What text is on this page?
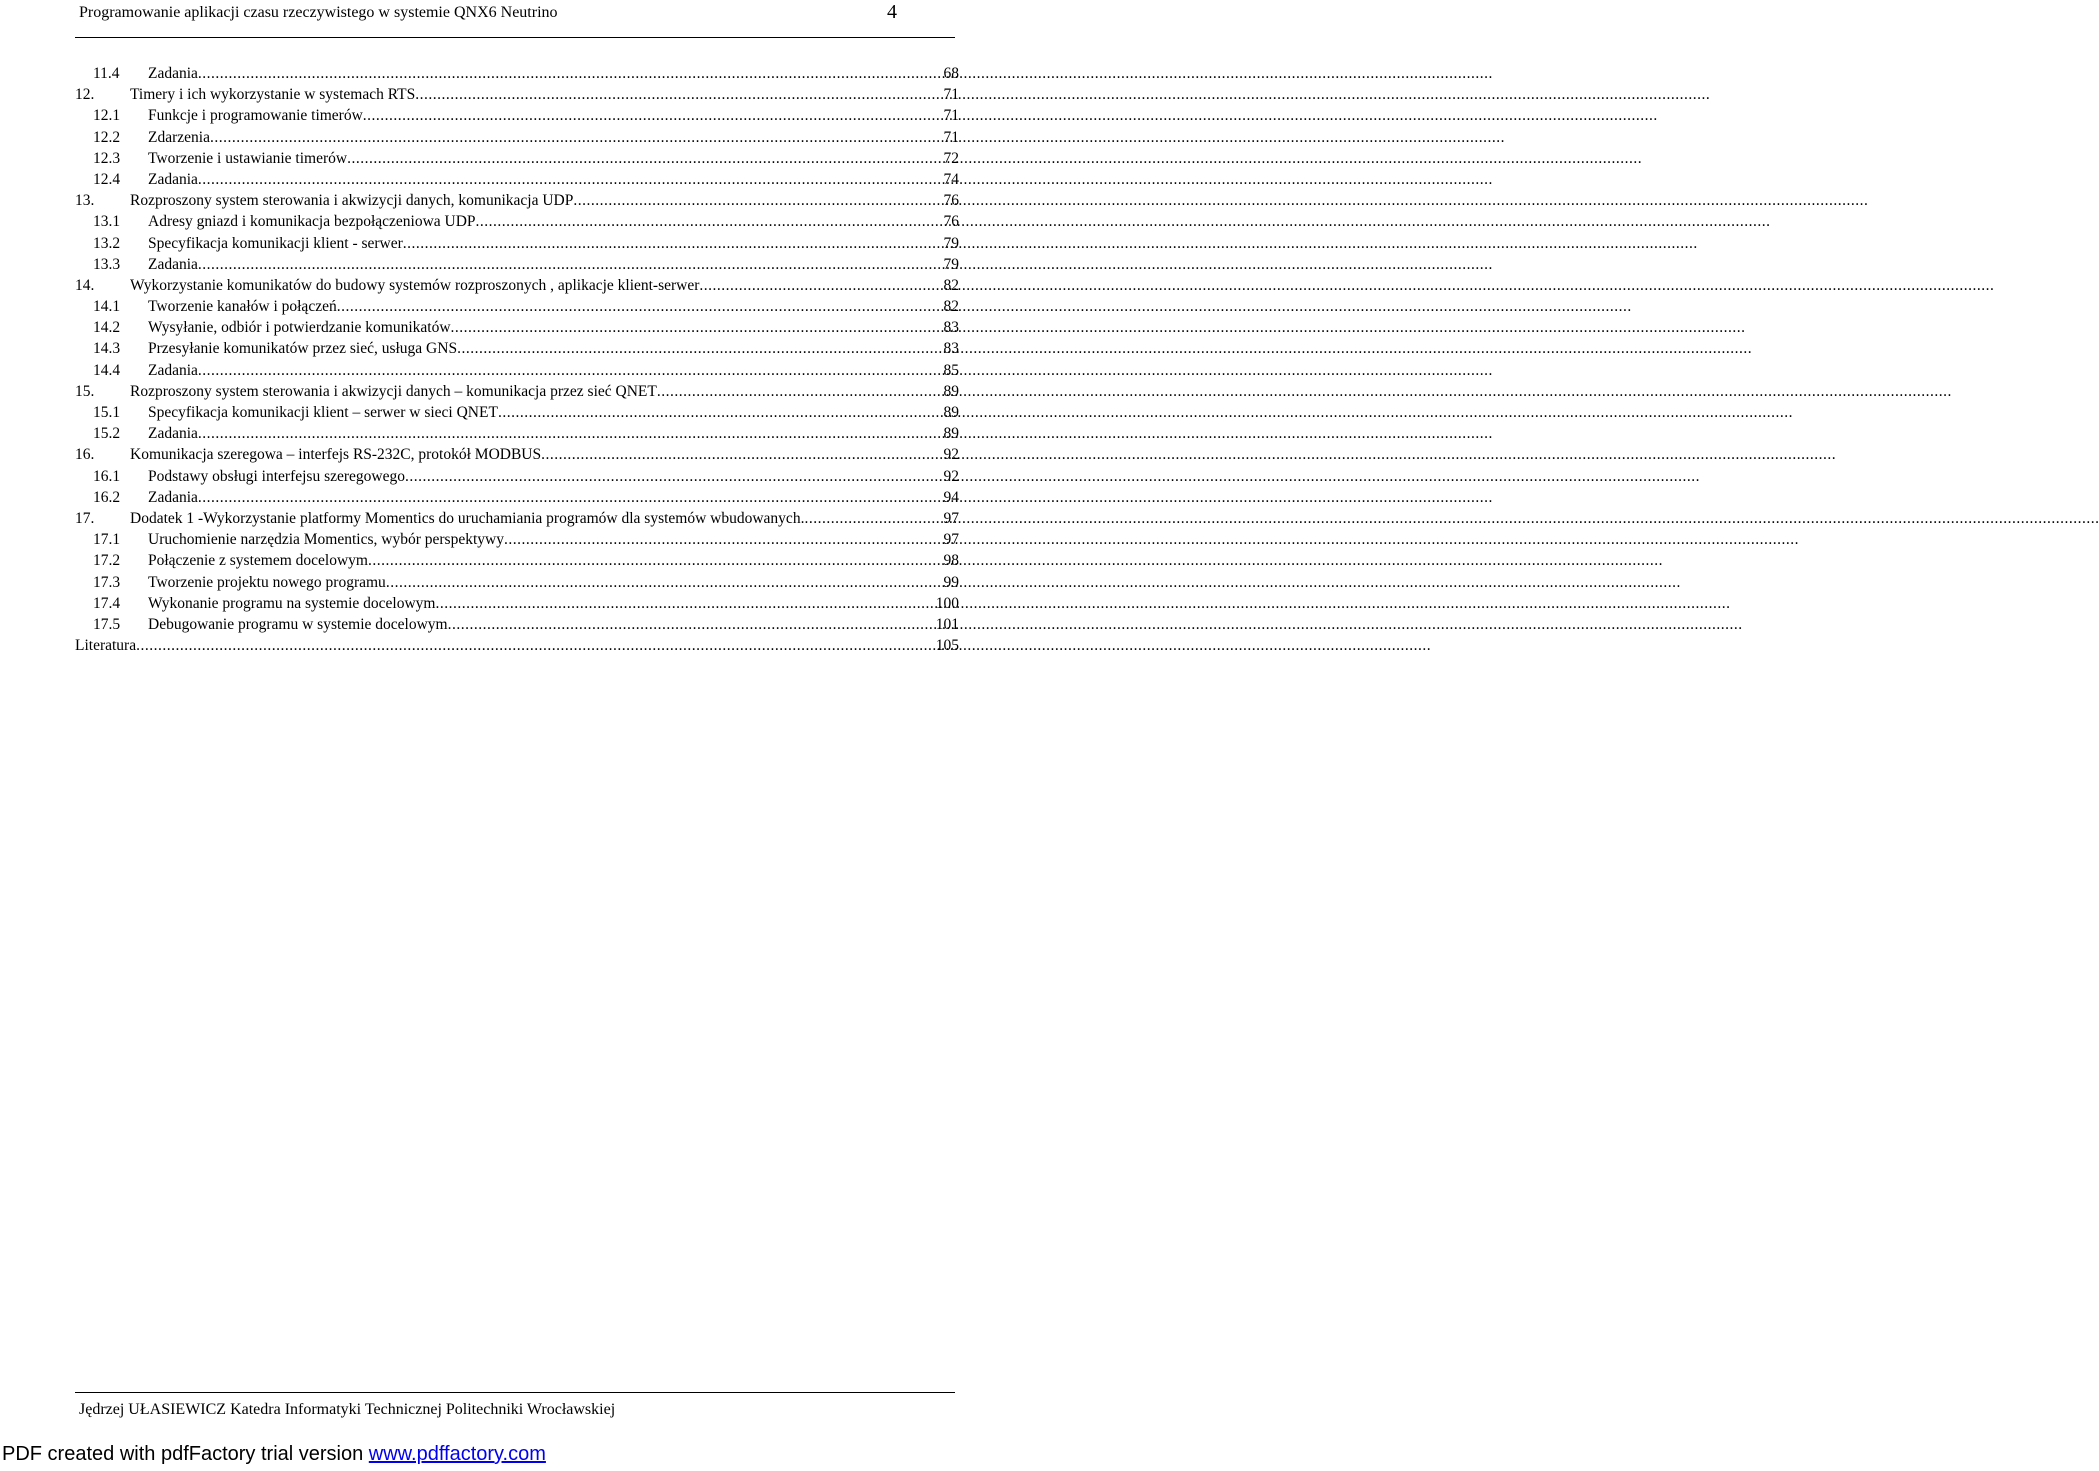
Programowanie aplikacji czasu rzeczywistego w systemie QNX6 Neutrino	4
11.4	Zadania .....	68
12.	Timery i ich wykorzystanie w systemach RTS .....	71
12.1	Funkcje i programowanie timerów .....	71
12.2	Zdarzenia .....	71
12.3	Tworzenie i ustawianie timerów .....	72
12.4	Zadania .....	74
13.	Rozproszony system sterowania i akwizycji danych, komunikacja UDP .....	76
13.1	Adresy gniazd i komunikacja bezpołączeniowa UDP .....	76
13.2	Specyfikacja komunikacji klient - serwer .....	79
13.3	Zadania .....	79
14.	Wykorzystanie komunikatów do budowy systemów rozproszonych , aplikacje klient-serwer .....	82
14.1	Tworzenie kanałów i połączeń .....	82
14.2	Wysyłanie, odbiór i potwierdzanie komunikatów .....	83
14.3	Przesyłanie komunikatów przez sieć, usługa GNS .....	83
14.4	Zadania .....	85
15.	Rozproszony system sterowania i akwizycji danych – komunikacja przez sieć QNET .....	89
15.1	Specyfikacja komunikacji klient – serwer w sieci QNET .....	89
15.2	Zadania .....	89
16.	Komunikacja szeregowa – interfejs RS-232C, protokół MODBUS .....	92
16.1	Podstawy obsługi interfejsu szeregowego .....	92
16.2	Zadania .....	94
17.	Dodatek 1 -Wykorzystanie platformy Momentics do uruchamiania programów dla systemów wbudowanych. .....	97
17.1	Uruchomienie narzędzia Momentics, wybór perspektywy .....	97
17.2	Połączenie z systemem docelowym .....	98
17.3	Tworzenie projektu nowego programu .....	99
17.4	Wykonanie programu na systemie docelowym .....	100
17.5	Debugowanie programu w systemie docelowym .....	101
Literatura .....	105
Jędrzej UŁASIEWICZ Katedra Informatyki Technicznej Politechniki Wrocławskiej
PDF created with pdfFactory trial version www.pdffactory.com
